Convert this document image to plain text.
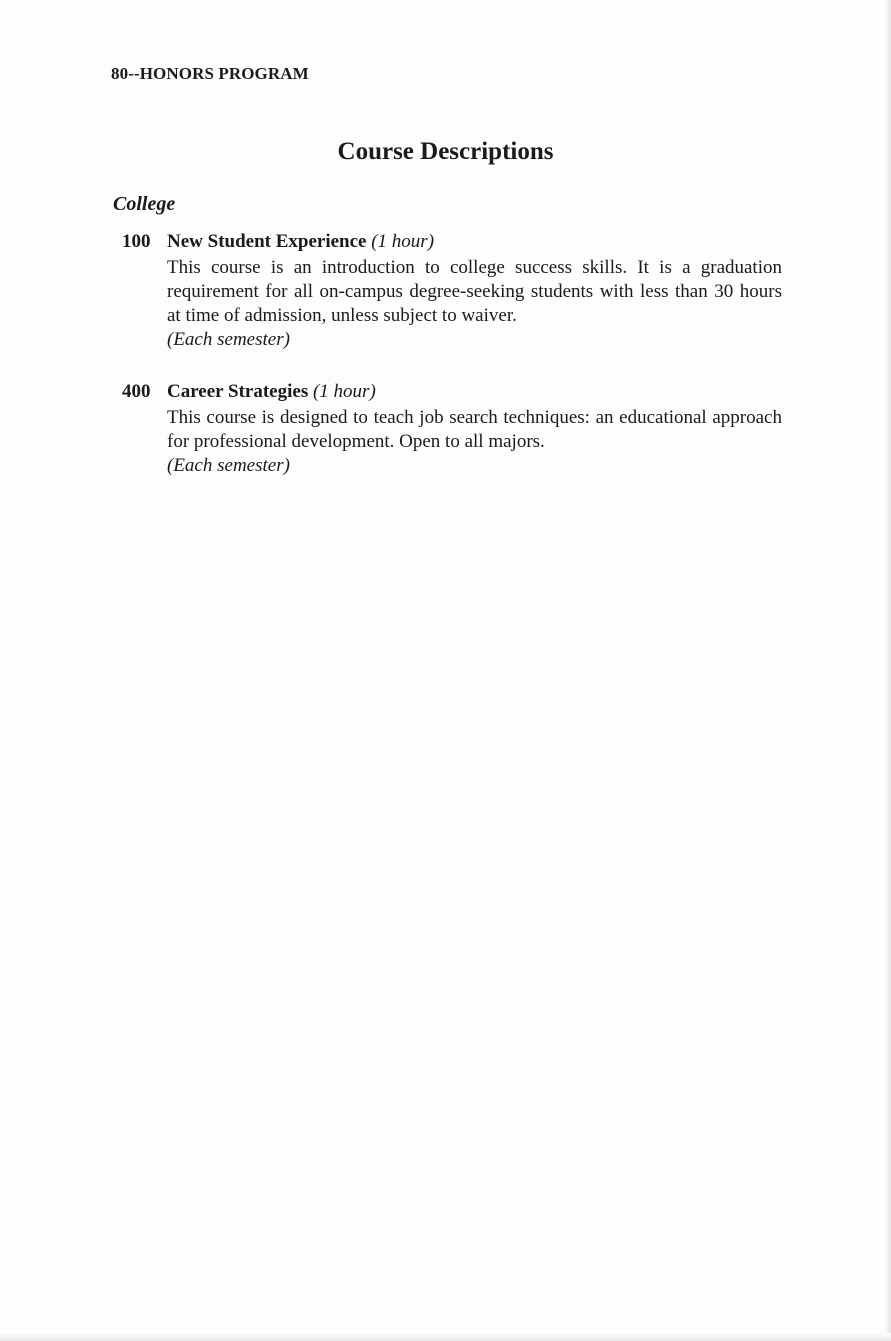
80--HONORS PROGRAM
Course Descriptions
College
100 New Student Experience (1 hour)
This course is an introduction to college success skills. It is a graduation requirement for all on-campus degree-seeking students with less than 30 hours at time of admission, unless subject to waiver.
(Each semester)
400 Career Strategies (1 hour)
This course is designed to teach job search techniques: an educational approach for professional development. Open to all majors.
(Each semester)
